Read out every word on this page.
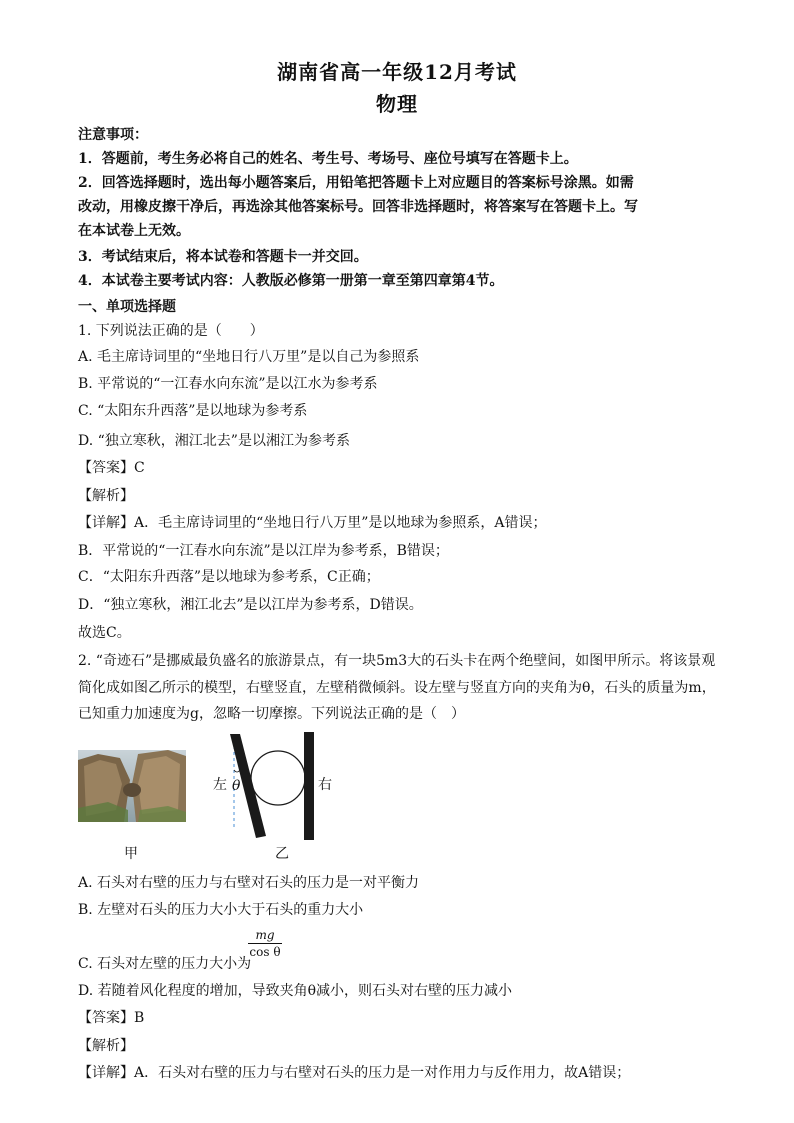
湖南省高一年级12月考试
物理
注意事项：
1．答题前，考生务必将自己的姓名、考生号、考场号、座位号填写在答题卡上。
2．回答选择题时，选出每小题答案后，用铅笔把答题卡上对应题目的答案标号涂黑。如需
改动，用橡皮擦干净后，再选涂其他答案标号。回答非选择题时，将答案写在答题卡上。写
在本试卷上无效。
3．考试结束后，将本试卷和答题卡一并交回。
4．本试卷主要考试内容：人教版必修第一册第一章至第四章第4节。
一、单项选择题
1. 下列说法正确的是（　　）
A. 毛主席诗词里的“坐地日行八万里”是以自己为参照系
B. 平常说的“一江春水向东流”是以江水为参考系
C. “太阳东升西落”是以地球为参考系
D. “独立寒秋，湘江北去”是以湘江为参考系
【答案】C
【解析】
【详解】A．毛主席诗词里的“坐地日行八万里”是以地球为参照系，A错误；
B．平常说的“一江春水向东流”是以江岸为参考系，B错误；
C．“太阳东升西落”是以地球为参考系，C正确；
D．“独立寒秋，湘江北去”是以江岸为参考系，D错误。
故选C。
2. “奇迹石”是挪威最负盛名的旅游景点，有一块5m3大的石头卡在两个绝壁间，如图甲所示。将该景观
简化成如图乙所示的模型，右壁竖直，左壁稍微倾斜。设左壁与竖直方向的夹角为θ，石头的质量为m，
已知重力加速度为g，忽略一切摩擦。下列说法正确的是（　）
左 θ	右
甲	乙
A. 石头对右壁的压力与右壁对石头的压力是一对平衡力
B. 左壁对石头的压力大小大于石头的重力大小
C. 石头对左壁的压力大小为
$\frac{mg}{\text{cos θ}}$
D. 若随着风化程度的增加，导致夹角θ减小，则石头对右壁的压力减小
【答案】B
【解析】
【详解】A．石头对右壁的压力与右壁对石头的压力是一对作用力与反作用力，故A错误；
